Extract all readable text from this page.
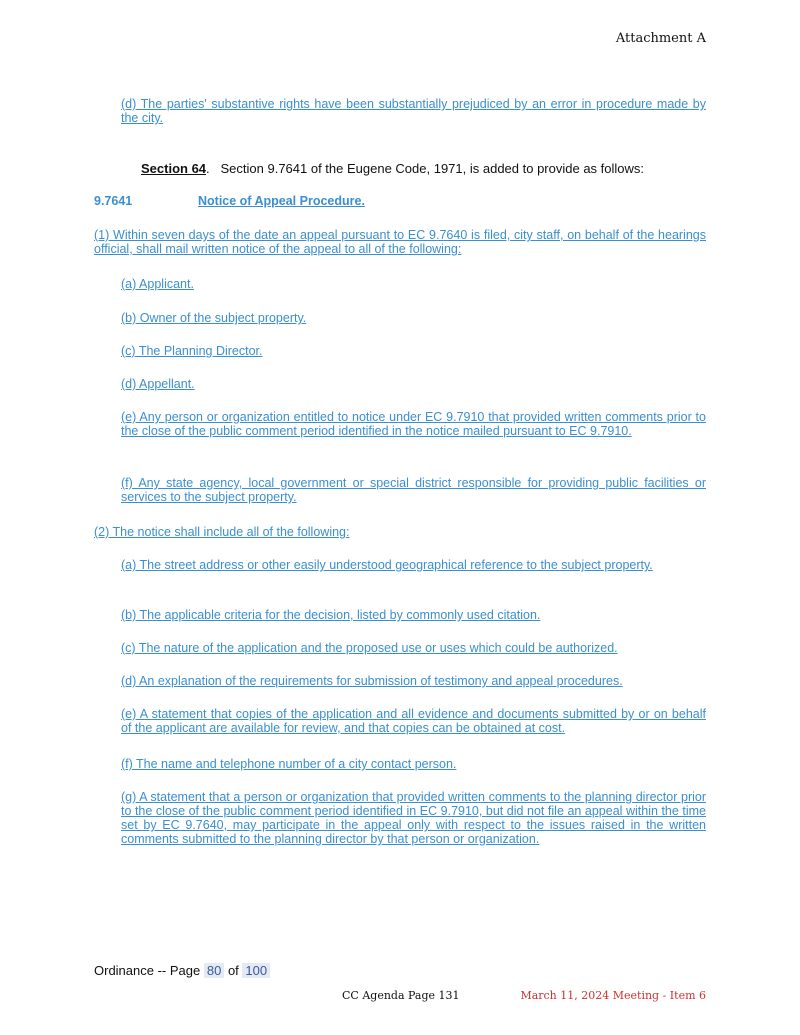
Attachment A

(d) The parties' substantive rights have been substantially prejudiced by an error in procedure made by the city.

Section 64. Section 9.7641 of the Eugene Code, 1971, is added to provide as follows:
9.7641	Notice of Appeal Procedure.

(1) Within seven days of the date an appeal pursuant to EC 9.7640 is filed, city staff, on behalf of the hearings official, shall mail written notice of the appeal to all of the following:

(a) Applicant.

(b) Owner of the subject property.

(c) The Planning Director.

(d) Appellant.

(e) Any person or organization entitled to notice under EC 9.7910 that provided written comments prior to the close of the public comment period identified in the notice mailed pursuant to EC 9.7910.

(f) Any state agency, local government or special district responsible for providing public facilities or services to the subject property.

(2) The notice shall include all of the following:

(a) The street address or other easily understood geographical reference to the subject property.

(b) The applicable criteria for the decision, listed by commonly used citation.

(c) The nature of the application and the proposed use or uses which could be authorized.

(d) An explanation of the requirements for submission of testimony and appeal procedures.

(e) A statement that copies of the application and all evidence and documents submitted by or on behalf of the applicant are available for review, and that copies can be obtained at cost.

(f) The name and telephone number of a city contact person.

(g) A statement that a person or organization that provided written comments to the planning director prior to the close of the public comment period identified in EC 9.7910, but did not file an appeal within the time set by EC 9.7640, may participate in the appeal only with respect to the issues raised in the written comments submitted to the planning director by that person or organization.

Ordinance -- Page 80 of 100
CC Agenda Page 131	March 11, 2024 Meeting - Item 6
